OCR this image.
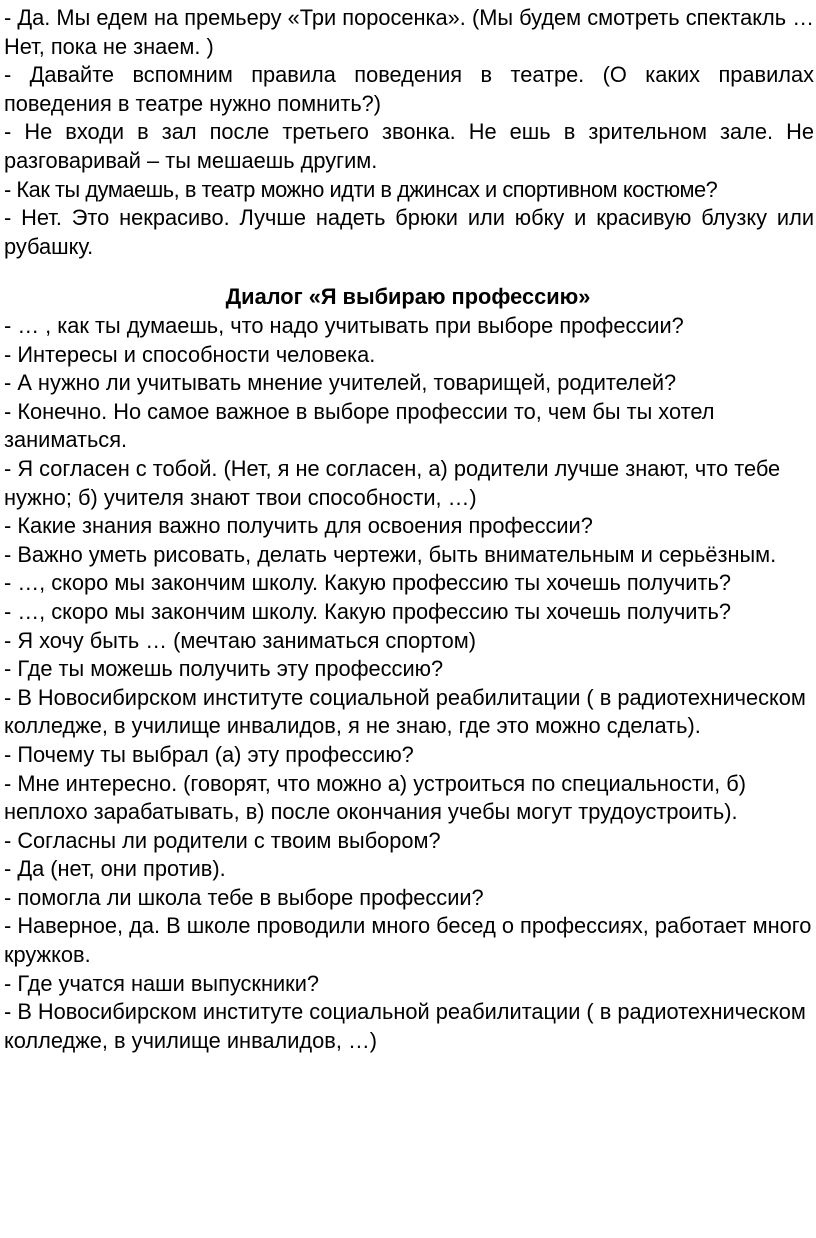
- Да. Мы едем на премьеру «Три поросенка». (Мы будем смотреть спектакль … Нет, пока не знаем. )

- Давайте вспомним правила поведения в театре. (О каких правилах поведения в театре нужно помнить?)

- Не входи в зал после третьего звонка. Не ешь в зрительном зале. Не разговаривай – ты мешаешь другим.

- Как ты думаешь, в театр можно идти в джинсах и спортивном костюме?

- Нет. Это некрасиво. Лучше надеть брюки или юбку и красивую блузку или рубашку.

Диалог «Я выбираю профессию»

- … , как ты думаешь, что надо учитывать при выборе профессии?

- Интересы и способности человека.

- А нужно ли учитывать мнение учителей, товарищей, родителей?

- Конечно. Но самое важное в выборе профессии то, чем бы ты хотел заниматься.

- Я согласен с тобой. (Нет, я не согласен, а) родители лучше знают, что тебе нужно; б) учителя знают твои способности, …)

- Какие знания важно получить для освоения профессии?

- Важно уметь рисовать, делать чертежи, быть внимательным и серьёзным.

- …, скоро мы закончим школу. Какую профессию ты хочешь получить?

- …, скоро мы закончим школу. Какую профессию ты хочешь получить?

- Я хочу быть … (мечтаю заниматься спортом)

- Где ты можешь получить эту профессию?

- В Новосибирском институте социальной реабилитации ( в радиотехническом колледже, в училище инвалидов, я не знаю, где это можно сделать).

- Почему ты выбрал (а) эту профессию?

- Мне интересно. (говорят, что можно а) устроиться по специальности, б) неплохо зарабатывать, в) после окончания учебы могут трудоустроить).

- Согласны ли родители с твоим выбором?

- Да (нет, они против).

- помогла ли школа тебе в выборе профессии?

- Наверное, да. В школе проводили много бесед о профессиях, работает много кружков.

- Где учатся наши выпускники?

- В Новосибирском институте социальной реабилитации ( в радиотехническом колледже, в училище инвалидов, …)
